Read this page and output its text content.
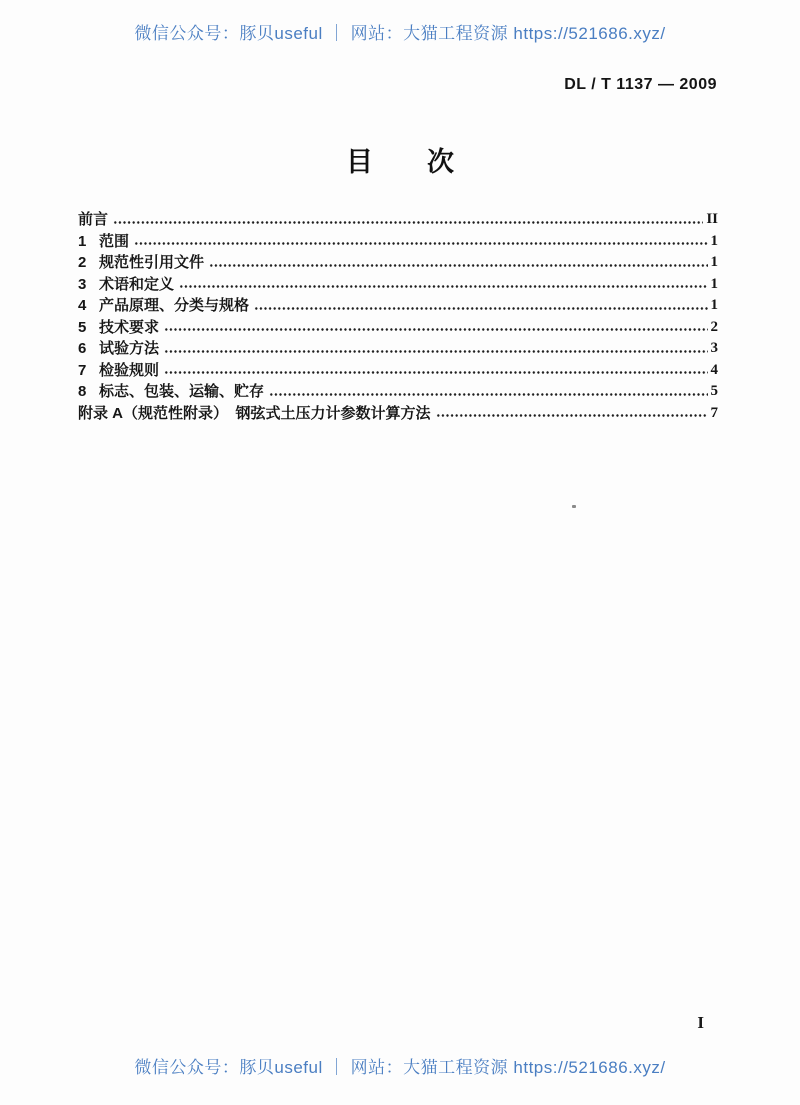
微信公众号：豚贝useful ｜ 网站：大猫工程资源 https://521686.xyz/
DL / T 1137 — 2009
目　　次
前言	II
1 范围	1
2 规范性引用文件	1
3 术语和定义	1
4 产品原理、分类与规格	1
5 技术要求	2
6 试验方法	3
7 检验规则	4
8 标志、包装、运输、贮存	5
附录 A（规范性附录）　钢弦式土压力计参数计算方法	7
I
微信公众号：豚贝useful ｜ 网站：大猫工程资源 https://521686.xyz/
